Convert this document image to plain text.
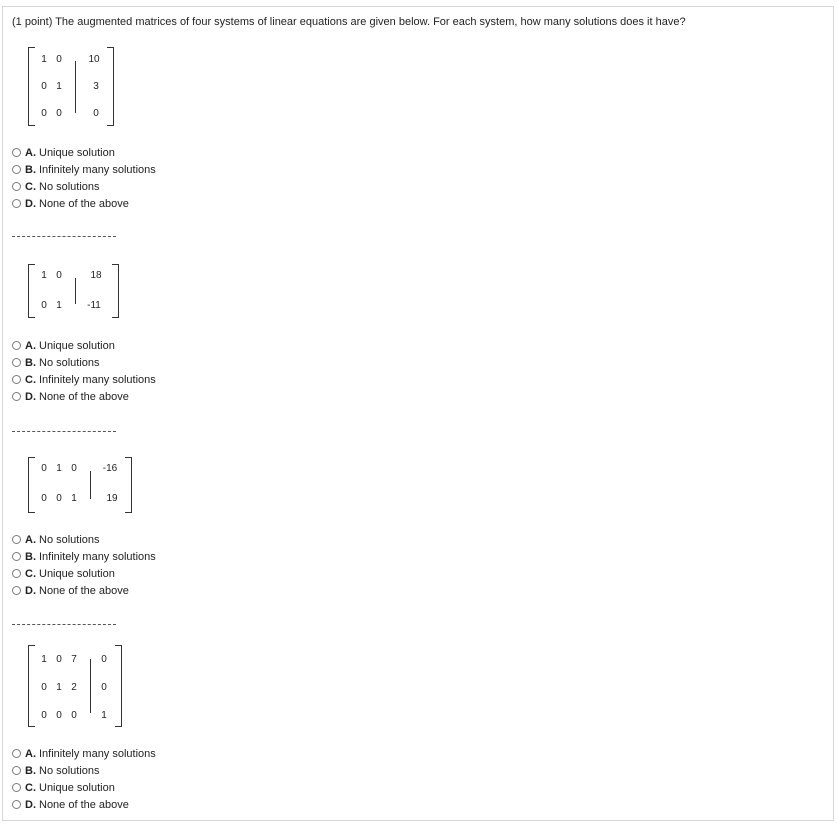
(1 point) The augmented matrices of four systems of linear equations are given below. For each system, how many solutions does it have?
1 0	10
0 1	3
0 0	0
A. Unique solution
B. Infinitely many solutions
C. No solutions
D. None of the above
1 0	18
0 1	-11
A. Unique solution
B. No solutions
C. Infinitely many solutions
D. None of the above
0 1 0	-16
0 0 1	19
A. No solutions
B. Infinitely many solutions
C. Unique solution
D. None of the above
1 0 7	0
0 1 2	0
0 0 0	1
A. Infinitely many solutions
B. No solutions
C. Unique solution
D. None of the above
